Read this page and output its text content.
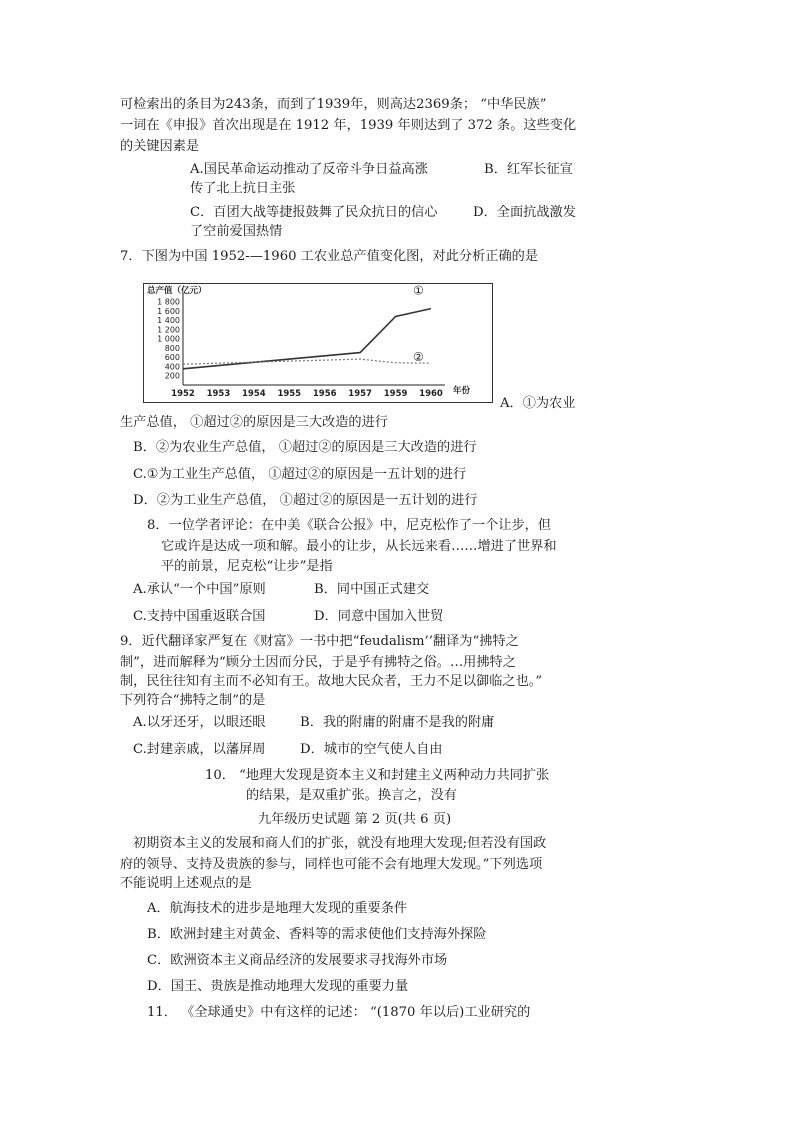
可检索出的条目为243条，而到了1939年，则高达2369条； “中华民族”
一词在《申报》首次出现是在 1912 年，1939 年则达到了 372 条。这些变化
的关键因素是
A.国民革命运动推动了反帝斗争日益高涨	B．红军长征宣
传了北上抗日主张
C．百团大战等捷报鼓舞了民众抗日的信心	D．全面抗战激发
了空前爱国热情
7．下图为中国 1952-—1960 工农业总产值变化图，对此分析正确的是
总产值（亿元）
1 800
1 600
1 400
1 200
1 000
800
600
400
200
1952 1953 1954 1955 1956 1957 1959 1960
①
②
年份
A．①为农业
生产总值， ①超过②的原因是三大改造的进行
B．②为农业生产总值， ①超过②的原因是三大改造的进行
C.①为工业生产总值， ①超过②的原因是一五计划的进行
D．②为工业生产总值， ①超过②的原因是一五计划的进行
8．一位学者评论：在中美《联合公报》中，尼克松作了一个让步，但
它或许是达成一项和解。最小的让步，从长远来看……增进了世界和
平的前景，尼克松“让步”是指
A.承认“一个中国”原则	B．同中国正式建交
C.支持中国重返联合国	D．同意中国加入世贸
9．近代翻译家严复在《财富》一书中把“feudalism’’翻译为“拂特之
制”，进而解释为“顾分土因而分民，于是乎有拂特之俗。…用拂特之
制，民往往知有主而不必知有王。故地大民众者，王力不足以御临之也。”
下列符合“拂特之制”的是
A.以牙还牙，以眼还眼	B．我的附庸的附庸不是我的附庸
C.封建亲戚，以藩屏周	D．城市的空气使人自由
10． “地理大发现是资本主义和封建主义两种动力共同扩张
的结果，是双重扩张。换言之，没有
九年级历史试题 第 2 页(共 6 页)
初期资本主义的发展和商人们的扩张，就没有地理大发现;但若没有国政
府的领导、支持及贵族的参与，同样也可能不会有地理大发现。”下列选项
不能说明上述观点的是
A．航海技术的进步是地理大发现的重要条件
B．欧洲封建主对黄金、香料等的需求使他们支持海外探险
C．欧洲资本主义商品经济的发展要求寻找海外市场
D．国王、贵族是推动地理大发现的重要力量
11． 《全球通史》中有这样的记述： “(1870 年以后)工业研究的
